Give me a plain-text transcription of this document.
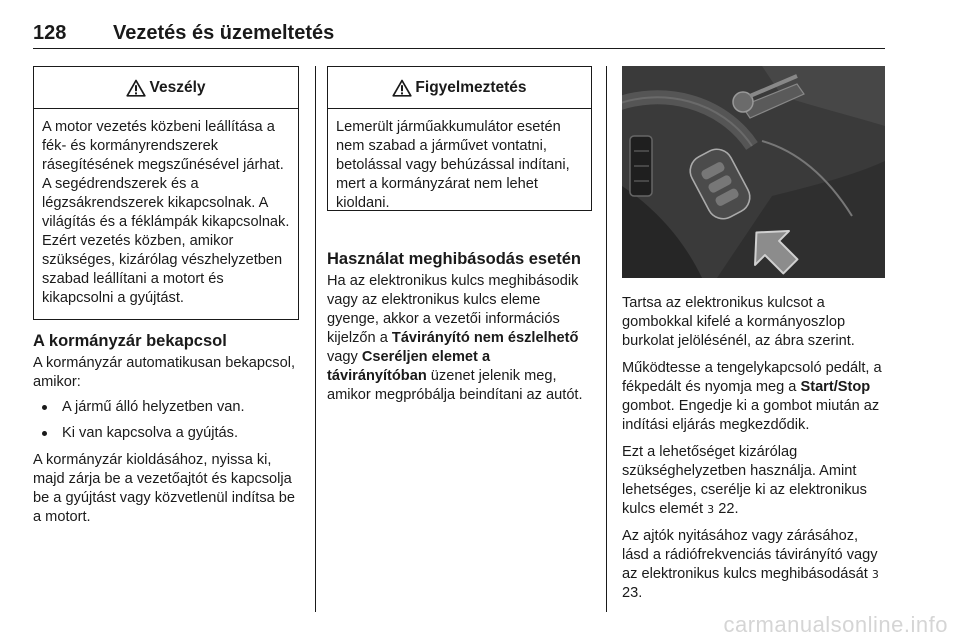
128 Vezetés és üzemeltetés
Veszély
A motor vezetés közbeni leállítása a fék- és kormányrendszerek rásegítésének megszűnésével járhat. A segédrendszerek és a légzsákrendszerek kikapcsolnak. A világítás és a féklámpák kikapcsolnak. Ezért vezetés közben, amikor szükséges, kizárólag vészhelyzetben szabad leállítani a motort és kikapcsolni a gyújtást.
A kormányzár bekapcsol

A kormányzár automatikusan bekapcsol, amikor:

A jármű álló helyzetben van.
Ki van kapcsolva a gyújtás.

A kormányzár kioldásához, nyissa ki, majd zárja be a vezetőajtót és kapcsolja be a gyújtást vagy közvetlenül indítsa be a motort.

Figyelmeztetés
Lemerült járműakkumulátor esetén nem szabad a járművet vontatni, betolással vagy behúzással indítani, mert a kormányzárat nem lehet kioldani.
Használat meghibásodás esetén

Ha az elektronikus kulcs meghibásodik vagy az elektronikus kulcs eleme gyenge, akkor a vezetői információs kijelzőn a Távirányító nem észlelhető vagy Cseréljen elemet a távirányítóban üzenet jelenik meg, amikor megpróbálja beindítani az autót.

Tartsa az elektronikus kulcsot a gombokkal kifelé a kormányoszlop burkolat jelölésénél, az ábra szerint.

Működtesse a tengelykapcsoló pedált, a fékpedált és nyomja meg a Start/Stop gombot. Engedje ki a gombot miután az indítási eljárás megkezdődik.

Ezt a lehetőséget kizárólag szükséghelyzetben használja. Amint lehetséges, cserélje ki az elektronikus kulcs elemét 3 22.

Az ajtók nyitásához vagy zárásához, lásd a rádiófrekvenciás távirányító vagy az elektronikus kulcs meghibásodását 3 23.

carmanualsonline.info
